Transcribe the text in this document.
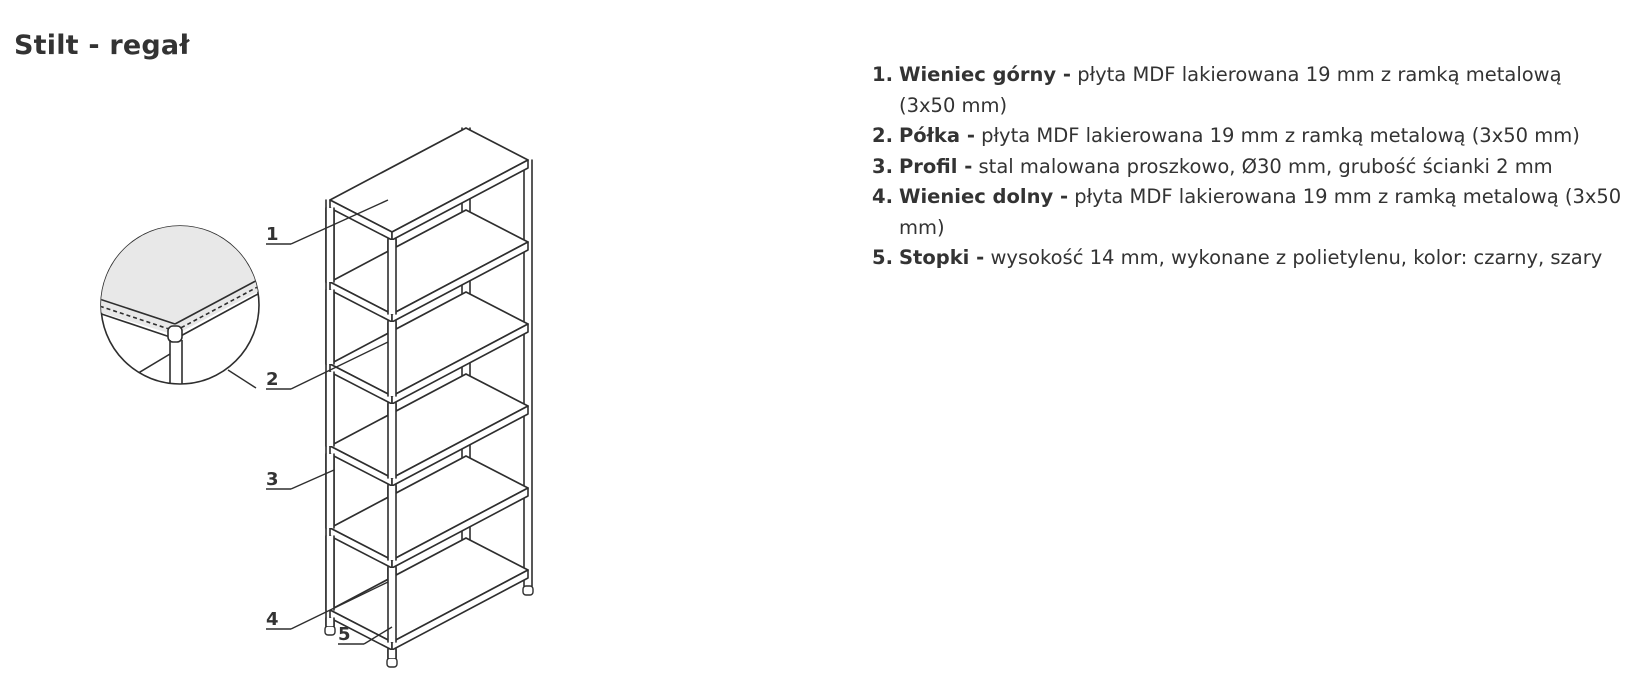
1
2
3
4
5
Stilt - regał
1. Wieniec górny - płyta MDF lakierowana 19 mm z ramką metalową (3x50 mm)
2. Półka - płyta MDF lakierowana 19 mm z ramką metalową (3x50 mm)
3. Profil - stal malowana proszkowo, Ø30 mm, grubość ścianki 2 mm
4. Wieniec dolny - płyta MDF lakierowana 19 mm z ramką metalową (3x50 mm)
5. Stopki - wysokość 14 mm, wykonane z polietylenu, kolor: czarny, szary
